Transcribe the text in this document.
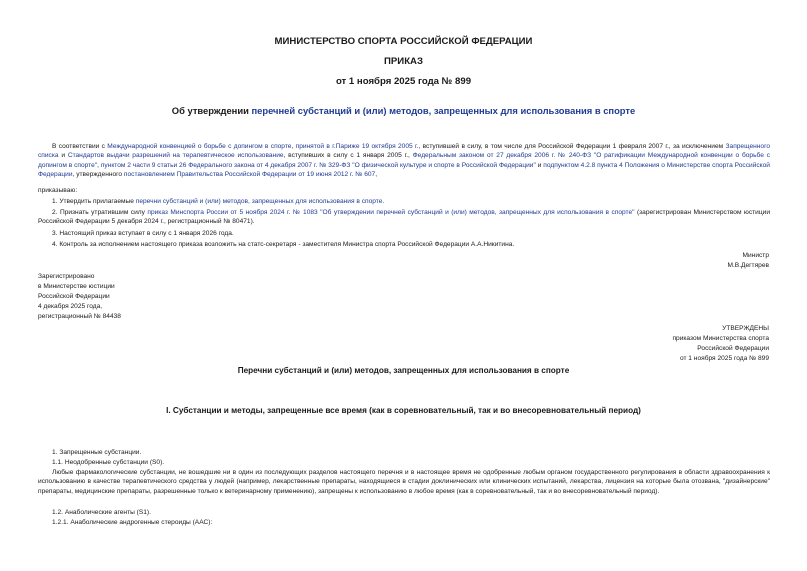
МИНИСТЕРСТВО СПОРТА РОССИЙСКОЙ ФЕДЕРАЦИИ
ПРИКАЗ
от 1 ноября 2025 года № 899
Об утверждении перечней субстанций и (или) методов, запрещенных для использования в спорте
В соответствии с Международной конвенцией о борьбе с допингом в спорте, принятой в г.Париже 19 октября 2005 г., вступившей в силу, в том числе для Российской Федерации 1 февраля 2007 г., за исключением Запрещенного списка и Стандартов выдачи разрешений на терапевтическое использование, вступивших в силу с 1 января 2005 г., Федеральным законом от 27 декабря 2006 г. № 240-ФЗ "О ратификации Международной конвенции о борьбе с допингом в спорте", пунктом 2 части 9 статьи 26 Федерального закона от 4 декабря 2007 г. № 329-ФЗ "О физической культуре и спорте в Российской Федерации" и подпунктом 4.2.8 пункта 4 Положения о Министерстве спорта Российской Федерации, утвержденного постановлением Правительства Российской Федерации от 19 июня 2012 г. № 607,
приказываю:
1. Утвердить прилагаемые перечни субстанций и (или) методов, запрещенных для использования в спорте.
2. Признать утратившим силу приказ Минспорта России от 5 ноября 2024 г. № 1083 "Об утверждении перечней субстанций и (или) методов, запрещенных для использования в спорте" (зарегистрирован Министерством юстиции Российской Федерации 5 декабря 2024 г., регистрационный № 80471).
3. Настоящий приказ вступает в силу с 1 января 2026 года.
4. Контроль за исполнением настоящего приказа возложить на статс-секретаря - заместителя Министра спорта Российской Федерации А.А.Никитина.
Министр
М.В.Дегтярев
Зарегистрировано
в Министерстве юстиции
Российской Федерации
4 декабря 2025 года,
регистрационный № 84438
УТВЕРЖДЕНЫ
приказом Министерства спорта
Российской Федерации
от 1 ноября 2025 года № 899
Перечни субстанций и (или) методов, запрещенных для использования в спорте
I. Субстанции и методы, запрещенные все время (как в соревновательный, так и во внесоревновательный период)
1. Запрещенные субстанции.
1.1. Неодобренные субстанции (S0).
Любые фармакологические субстанции, не вошедшие ни в один из последующих разделов настоящего перечня и в настоящее время не одобренные любым органом государственного регулирования в области здравоохранения к использованию в качестве терапевтического средства у людей (например, лекарственные препараты, находящиеся в стадии доклинических или клинических испытаний, лекарства, лицензия на которые была отозвана, "дизайнерские" препараты, медицинские препараты, разрешенные только к ветеринарному применению), запрещены к использованию в любое время (как в соревновательный, так и во внесоревновательный период).
1.2. Анаболические агенты (S1).
1.2.1. Анаболические андрогенные стероиды (ААС):
